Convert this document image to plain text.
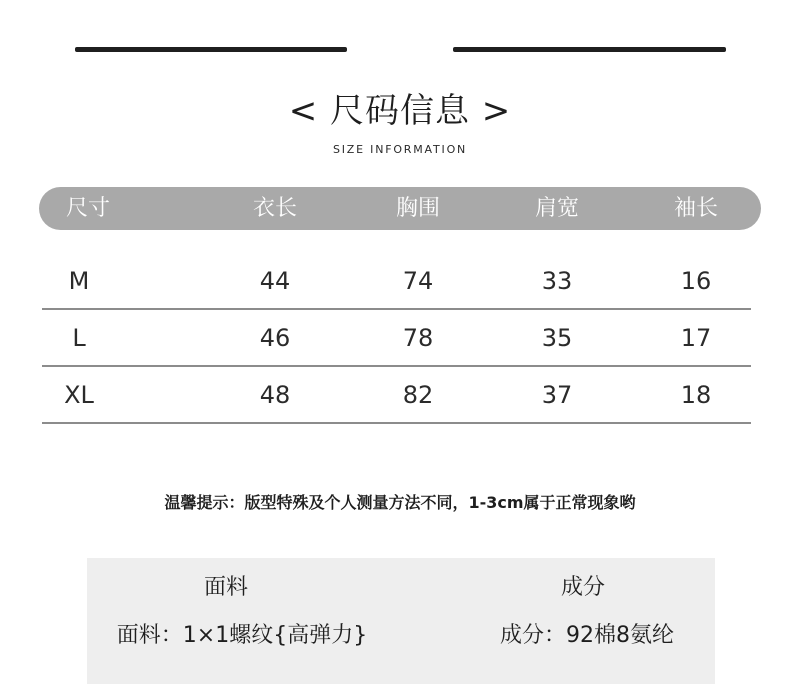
< 尺码信息 >
SIZE INFORMATION
尺寸	衣长	胸围	肩宽	袖长
M	44	74	33	16
L	46	78	35	17
XL	48	82	37	18
温馨提示：版型特殊及个人测量方法不同，1-3cm属于正常现象哟
面料	成分
面料：1×1螺纹{高弹力}	成分：92棉8氨纶
